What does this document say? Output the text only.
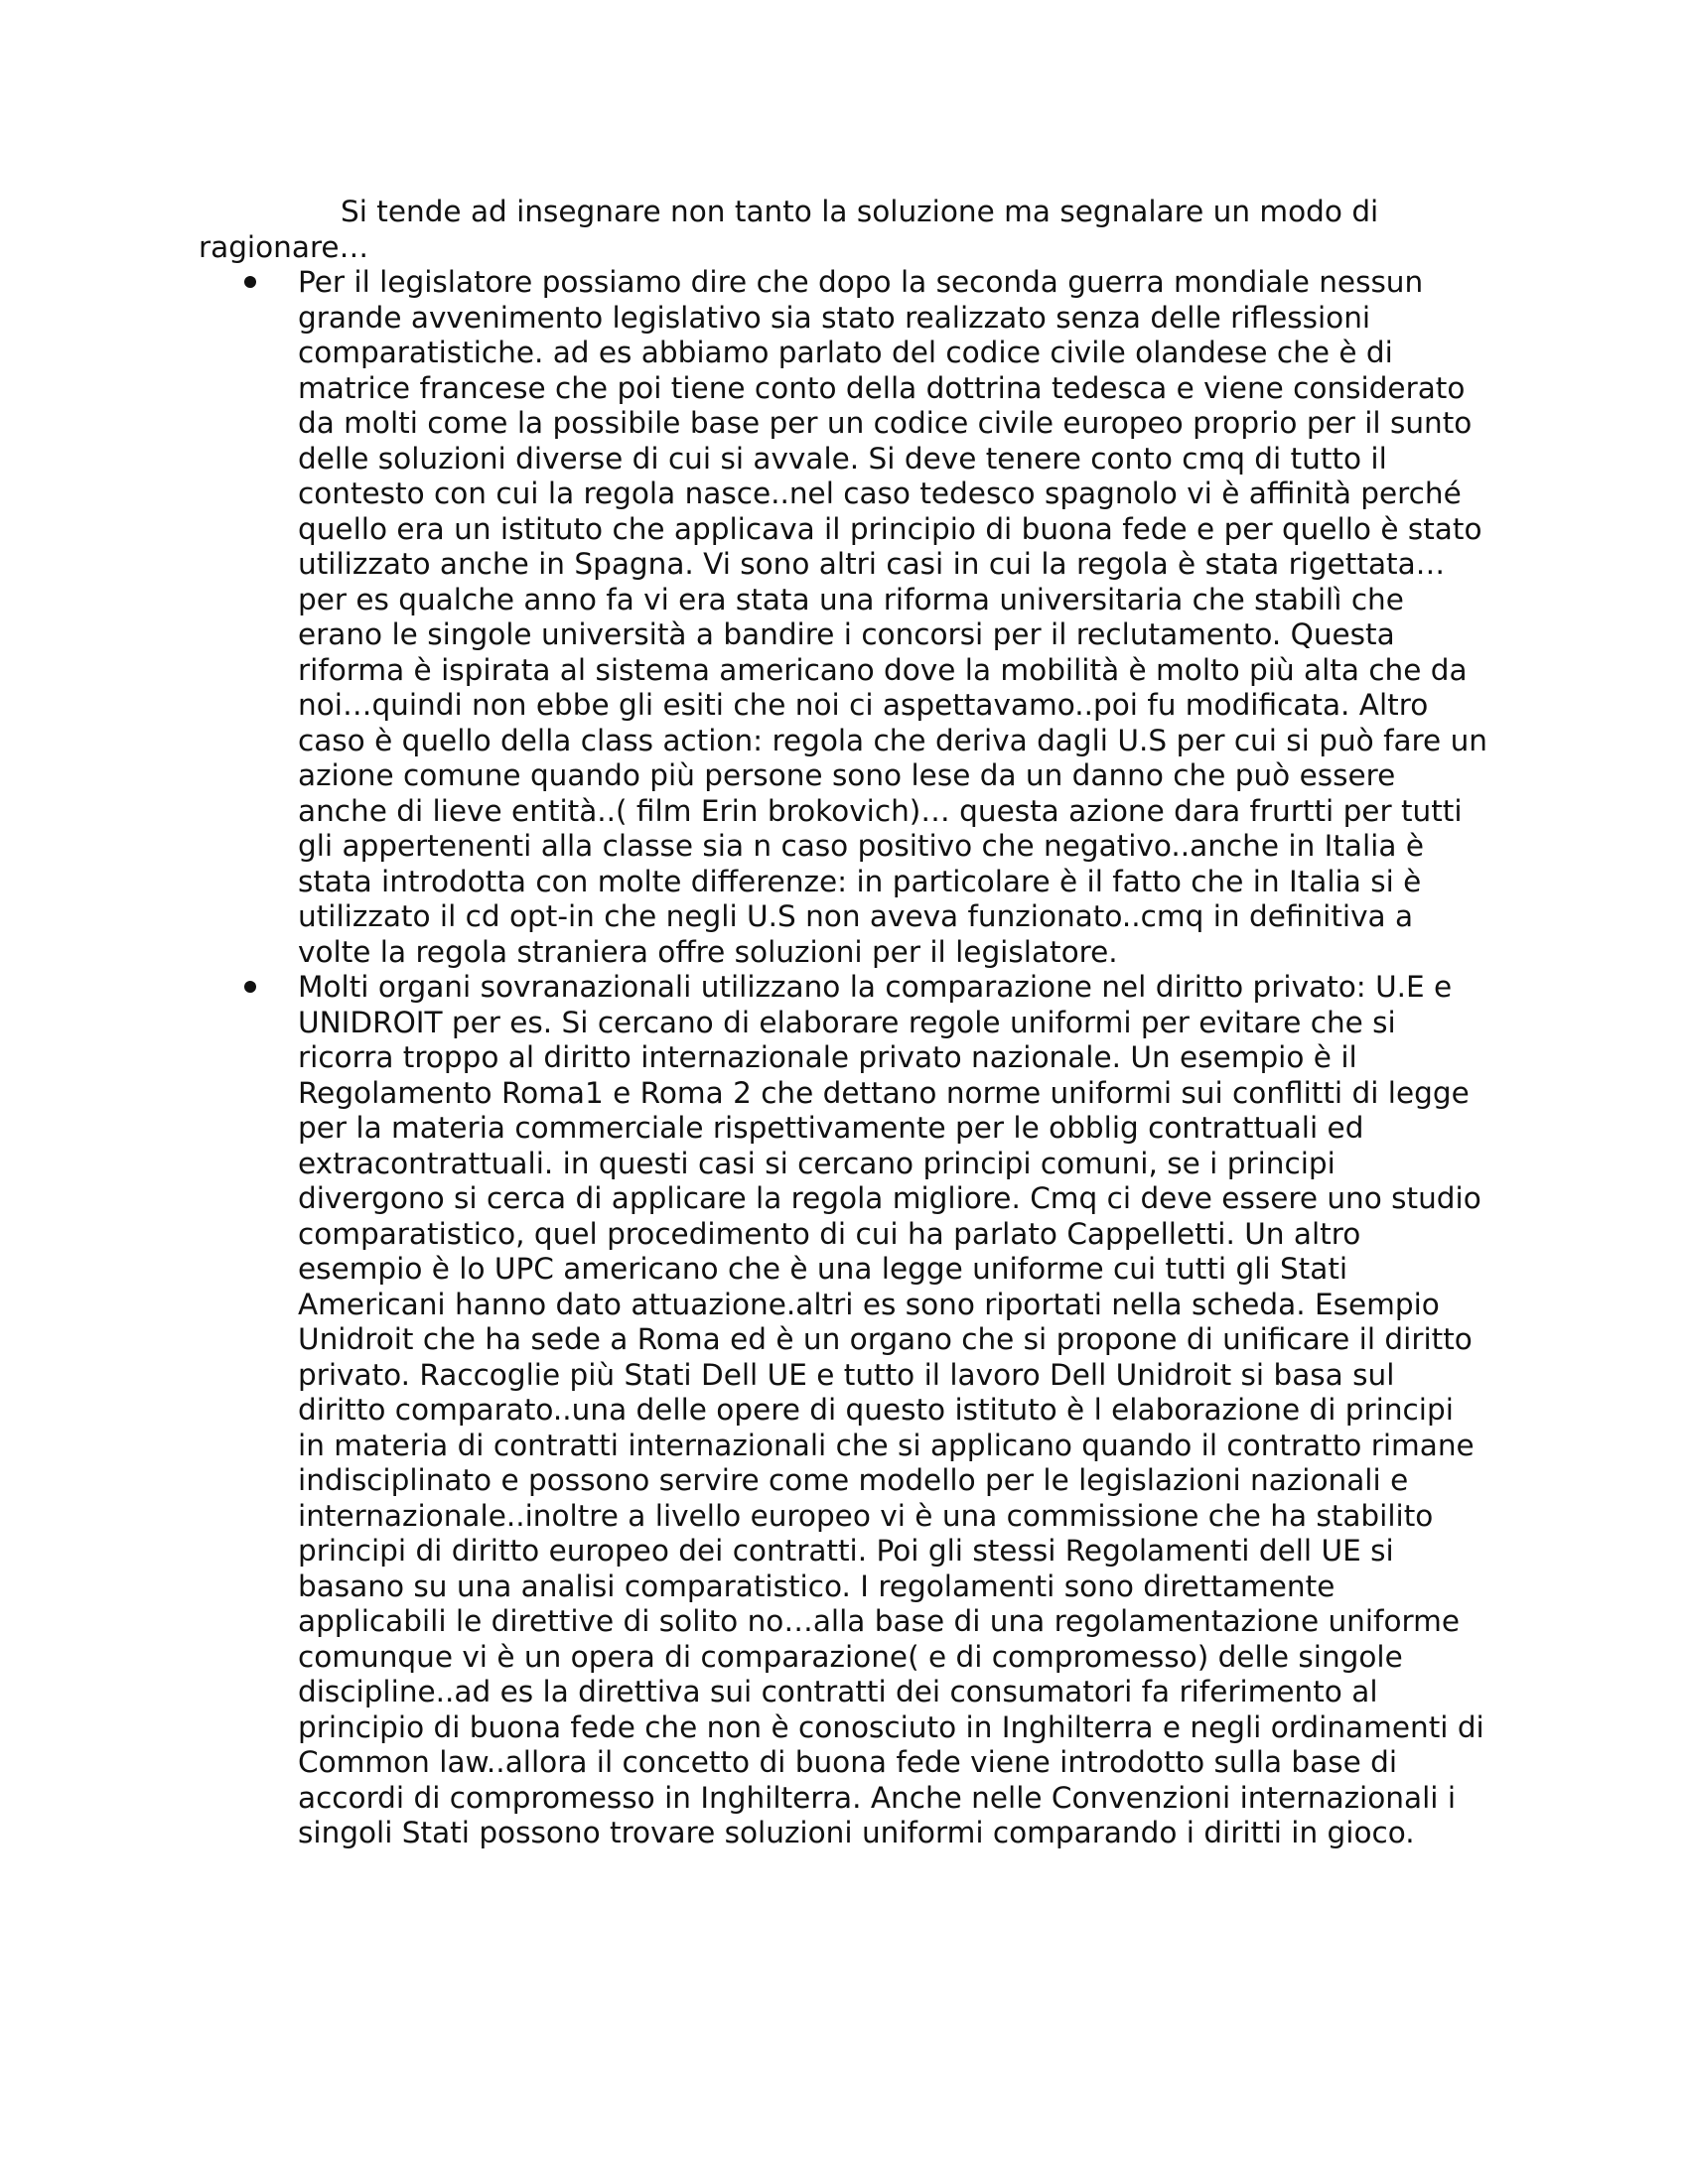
Si tende ad insegnare non tanto la soluzione ma segnalare un modo di ragionare…

Per il legislatore possiamo dire che dopo la seconda guerra mondiale nessun grande avvenimento legislativo sia stato realizzato senza delle riflessioni comparatistiche. ad es abbiamo parlato del codice civile olandese che è di matrice francese che poi tiene conto della dottrina tedesca e viene considerato da molti come la possibile base per un codice civile europeo proprio per il sunto delle soluzioni diverse di cui si avvale. Si deve tenere conto cmq di tutto il contesto con cui la regola nasce..nel caso tedesco spagnolo vi è affinità perché quello era un istituto che applicava il principio di buona fede e per quello è stato utilizzato anche in Spagna. Vi sono altri casi in cui la regola è stata rigettata…per es qualche anno fa vi era stata una riforma universitaria che stabilì che erano le singole università a bandire i concorsi per il reclutamento. Questa riforma è ispirata al sistema americano dove la mobilità è molto più alta che da noi…quindi non ebbe gli esiti che noi ci aspettavamo..poi fu modificata. Altro caso è quello della class action: regola che deriva dagli U.S per cui si può fare un azione comune quando più persone sono lese da un danno che può essere anche di lieve entità..( film Erin brokovich)… questa azione dara frurtti per tutti gli appertenenti alla classe sia n caso positivo che negativo..anche in Italia è stata introdotta con molte differenze: in particolare è il fatto che in Italia si è utilizzato il cd opt-in che negli U.S non aveva funzionato..cmq in definitiva a volte la regola straniera offre soluzioni per il legislatore.
Molti organi sovranazionali utilizzano la comparazione nel diritto privato: U.E e UNIDROIT per es. Si cercano di elaborare regole uniformi per evitare che si ricorra troppo al diritto internazionale privato nazionale. Un esempio è il Regolamento Roma1 e Roma 2 che dettano norme uniformi sui conflitti di legge per la materia commerciale rispettivamente per le obblig contrattuali ed extracontrattuali. in questi casi si cercano principi comuni, se i principi divergono si cerca di applicare la regola migliore. Cmq ci deve essere uno studio comparatistico, quel procedimento di cui ha parlato Cappelletti. Un altro esempio è lo UPC americano che è una legge uniforme cui tutti gli Stati Americani hanno dato attuazione.altri es sono riportati nella scheda. Esempio Unidroit che ha sede a Roma ed è un organo che si propone di unificare il diritto privato. Raccoglie più Stati Dell UE e tutto il lavoro Dell Unidroit si basa sul diritto comparato..una delle opere di questo istituto è l elaborazione di principi in materia di contratti internazionali che si applicano quando il contratto rimane indisciplinato e possono servire come modello per le legislazioni nazionali e internazionale..inoltre a livello europeo vi è una commissione che ha stabilito principi di diritto europeo dei contratti. Poi gli stessi Regolamenti dell UE si basano su una analisi comparatistico. I regolamenti sono direttamente applicabili le direttive di solito no…alla base di una regolamentazione uniforme comunque vi è un opera di comparazione( e di compromesso) delle singole discipline..ad es la direttiva sui contratti dei consumatori fa riferimento al principio di buona fede che non è conosciuto in Inghilterra e negli ordinamenti di Common law..allora il concetto di buona fede viene introdotto sulla base di accordi di compromesso in Inghilterra. Anche nelle Convenzioni internazionali i singoli Stati possono trovare soluzioni uniformi comparando i diritti in gioco.
